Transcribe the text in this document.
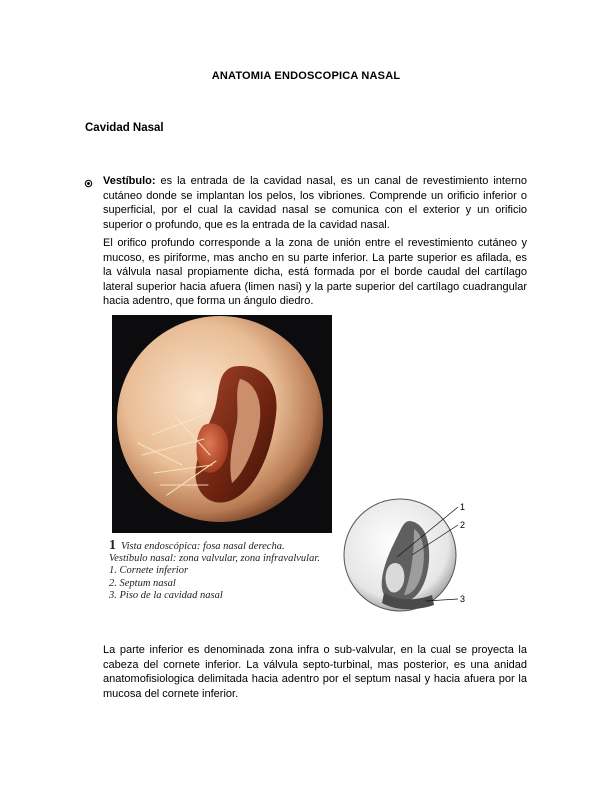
ANATOMIA ENDOSCOPICA NASAL
Cavidad Nasal

Vestíbulo: es la entrada de la cavidad nasal, es un canal de revestimiento interno cutáneo donde se implantan los pelos, los vibriones. Comprende un orificio inferior o superficial, por el cual la cavidad nasal se comunica con el exterior y un orificio superior o profundo, que es la entrada de la cavidad nasal.

El orifico profundo corresponde a la zona de unión entre el revestimiento cutáneo y mucoso, es piriforme, mas ancho en su parte inferior. La parte superior es afilada, es la válvula nasal propiamente dicha, está formada por el borde caudal del cartílago lateral superior hacia afuera (limen nasi) y la parte superior del cartílago cuadrangular hacia adentro, que forma un ángulo diedro.

1
2
3
1 Vista endoscópica: fosa nasal derecha.
Vestíbulo nasal: zona valvular, zona infravalvular.
1. Cornete inferior
2. Septum nasal
3. Piso de la cavidad nasal

La parte inferior es denominada zona infra o sub-valvular, en la cual se proyecta la cabeza del cornete inferior. La válvula septo-turbinal, mas posterior, es una anidad anatomofisiologica delimitada hacia adentro por el septum nasal y hacia afuera por la mucosa del cornete inferior.
